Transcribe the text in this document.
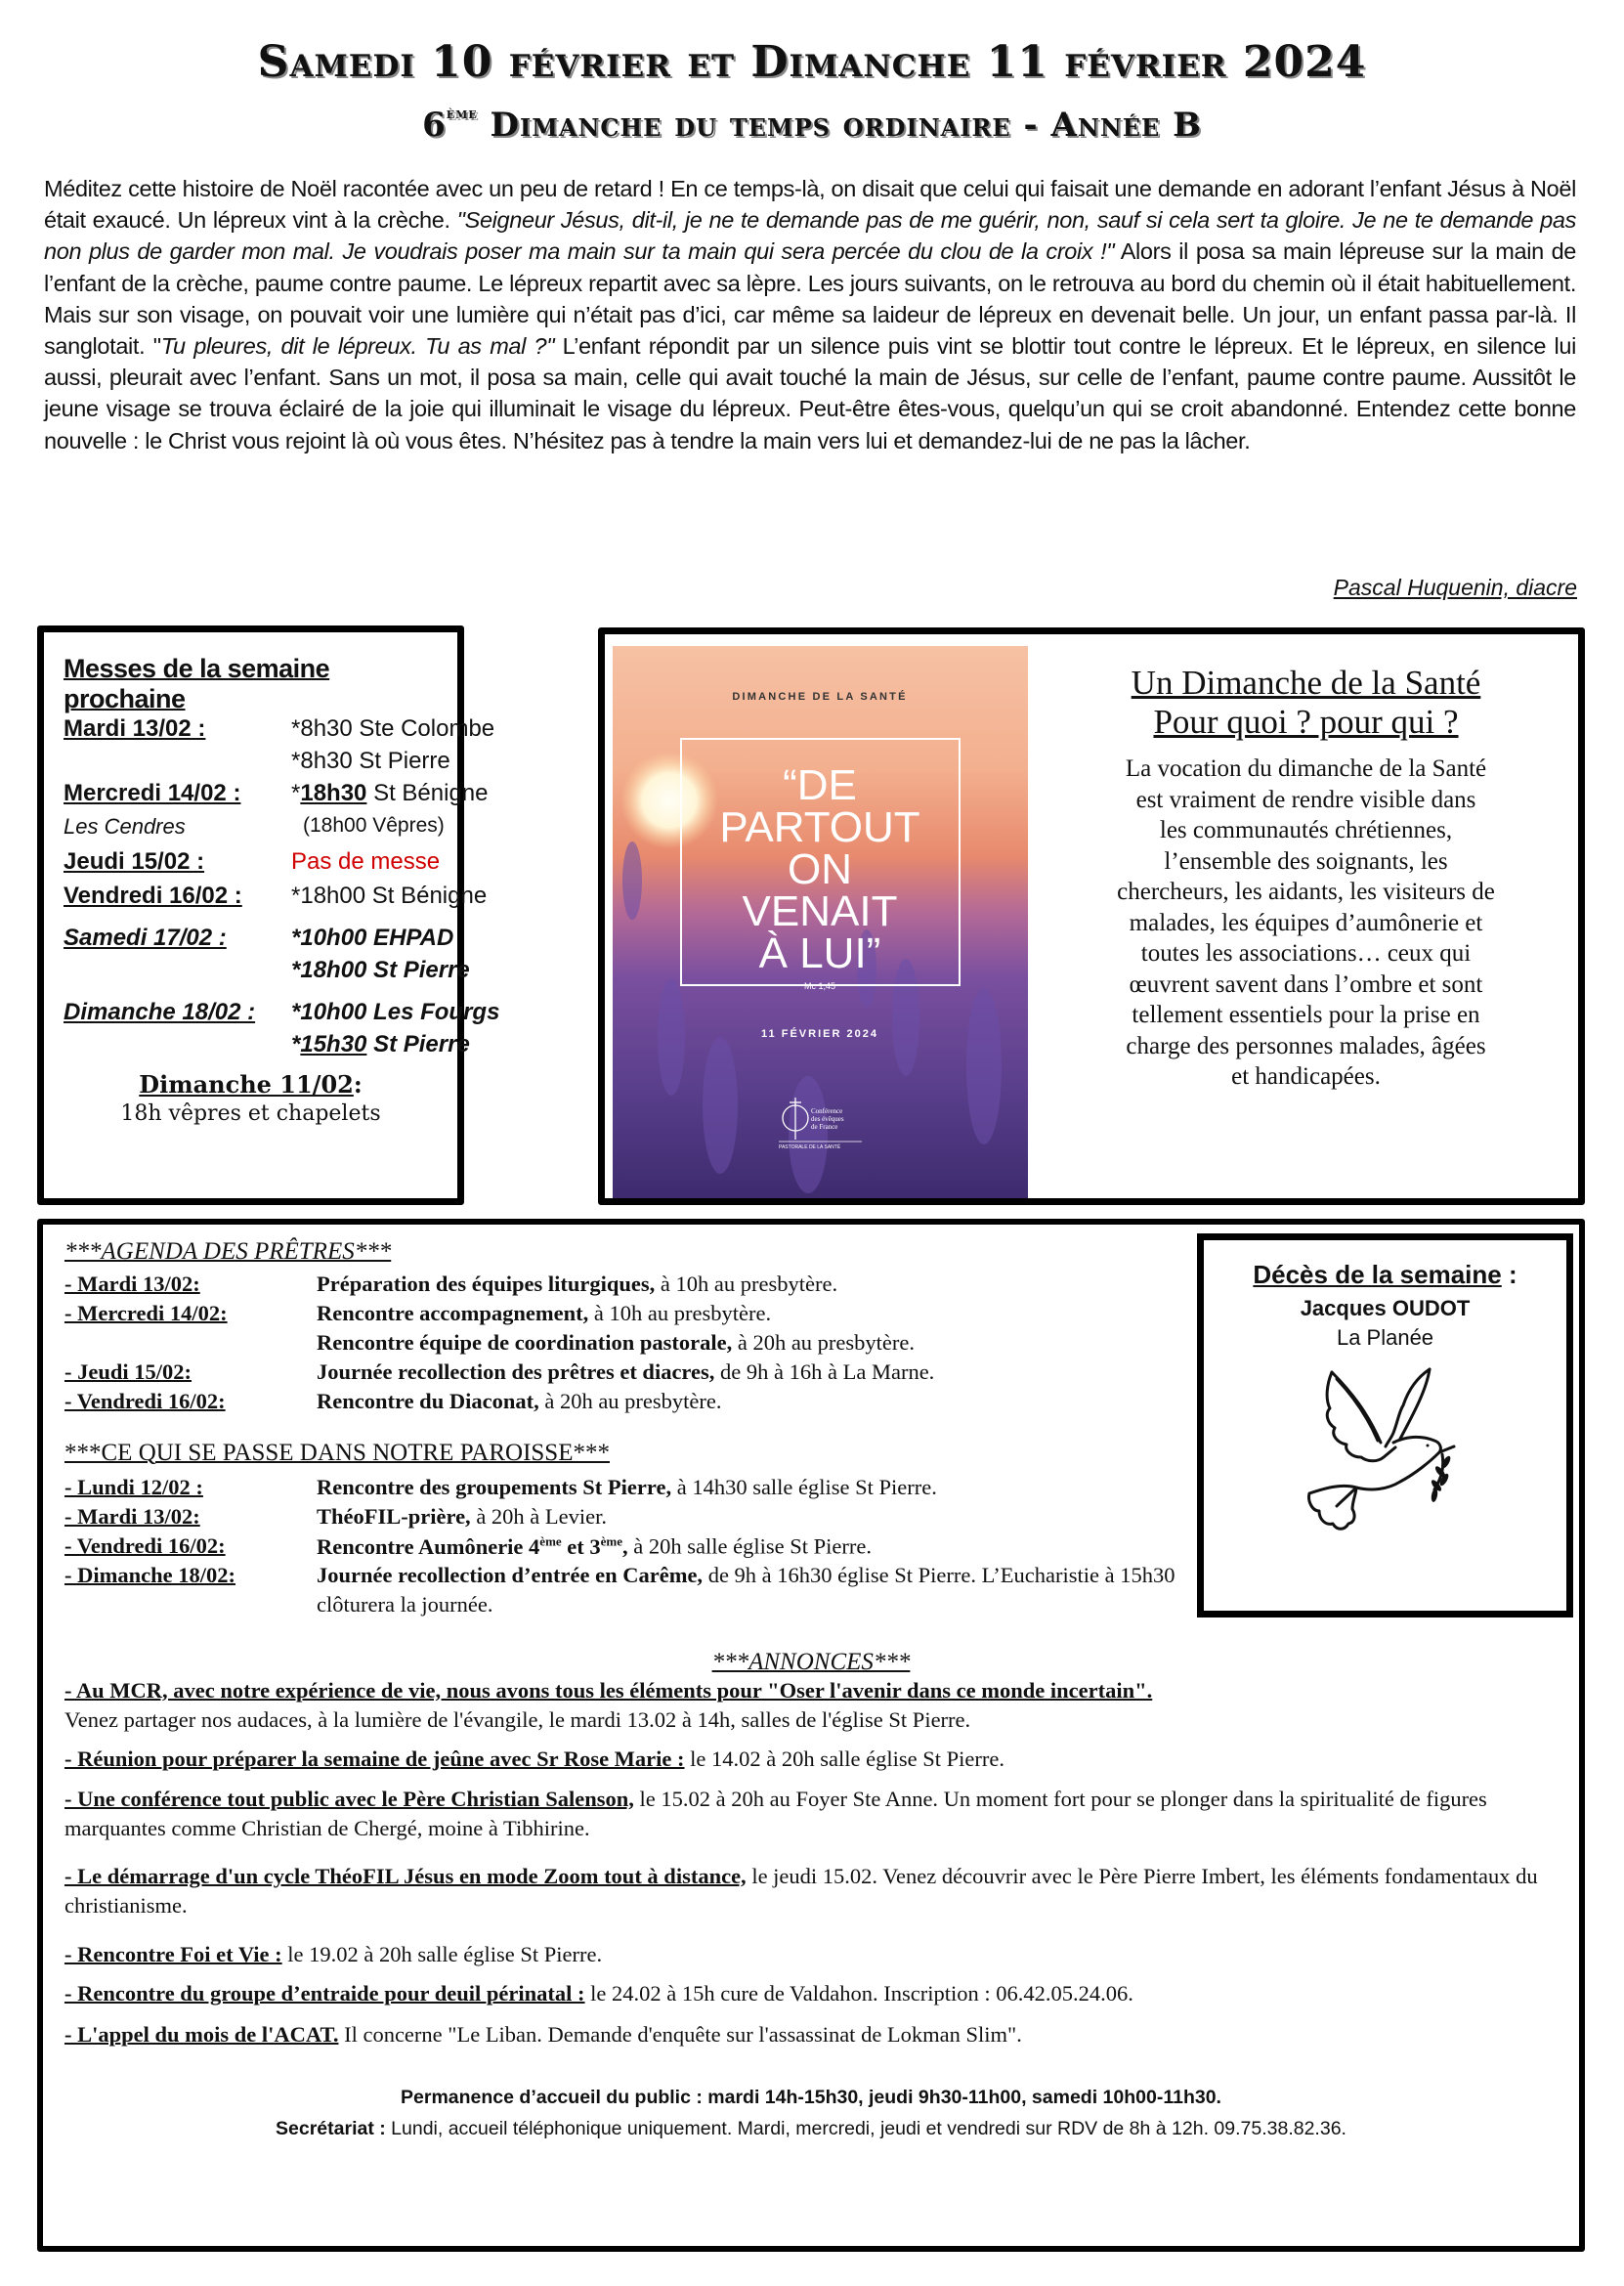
Samedi 10 février et Dimanche 11 février 2024
6ème Dimanche du temps ordinaire - Année B
Méditez cette histoire de Noël racontée avec un peu de retard ! En ce temps-là, on disait que celui qui faisait une demande en adorant l’enfant Jésus à Noël était exaucé. Un lépreux vint à la crèche. "Seigneur Jésus, dit-il, je ne te demande pas de me guérir, non, sauf si cela sert ta gloire. Je ne te demande pas non plus de garder mon mal. Je voudrais poser ma main sur ta main qui sera percée du clou de la croix !" Alors il posa sa main lépreuse sur la main de l’enfant de la crèche, paume contre paume. Le lépreux repartit avec sa lèpre. Les jours suivants, on le retrouva au bord du chemin où il était habituellement. Mais sur son visage, on pouvait voir une lumière qui n’était pas d’ici, car même sa laideur de lépreux en devenait belle. Un jour, un enfant passa par-là. Il sanglotait. "Tu pleures, dit le lépreux. Tu as mal ?" L’enfant répondit par un silence puis vint se blottir tout contre le lépreux. Et le lépreux, en silence lui aussi, pleurait avec l’enfant. Sans un mot, il posa sa main, celle qui avait touché la main de Jésus, sur celle de l’enfant, paume contre paume. Aussitôt le jeune visage se trouva éclairé de la joie qui illuminait le visage du lépreux. Peut-être êtes-vous, quelqu’un qui se croit abandonné. Entendez cette bonne nouvelle : le Christ vous rejoint là où vous êtes. N’hésitez pas à tendre la main vers lui et demandez-lui de ne pas la lâcher.
Pascal Huquenin, diacre
Messes de la semaine prochaine
Mardi 13/02 :	*8h30 Ste Colombe
*8h30 St Pierre
Mercredi 14/02 : *18h30 St Bénigne
Les Cendres	(18h00 Vêpres)
Jeudi 15/02 :	Pas de messe
Vendredi 16/02 : *18h00 St Bénigne
Samedi 17/02 :	*10h00 EHPAD
*18h00 St Pierre
Dimanche 18/02 : *10h00 Les Fourgs
*15h30 St Pierre
Dimanche 11/02:
18h vêpres et chapelets
DIMANCHE DE LA SANTÉ
“DE
PARTOUT
ON
VENAIT
À LUI”
Mc 1,45
11 FÉVRIER 2024
Conférence
des évêques
de France
PASTORALE DE LA SANTÉ
Un Dimanche de la Santé
Pour quoi ? pour qui ?
La vocation du dimanche de la Santé
est vraiment de rendre visible dans
les communautés chrétiennes,
l’ensemble des soignants, les
chercheurs, les aidants, les visiteurs de
malades, les équipes d’aumônerie et
toutes les associations… ceux qui
œuvrent savent dans l’ombre et sont
tellement essentiels pour la prise en
charge des personnes malades, âgées
et handicapées.
***AGENDA DES PRÊTRES***
- Mardi 13/02:	Préparation des équipes liturgiques, à 10h au presbytère.
- Mercredi 14/02:	Rencontre accompagnement, à 10h au presbytère.
Rencontre équipe de coordination pastorale, à 20h au presbytère.
- Jeudi 15/02:	Journée recollection des prêtres et diacres, de 9h à 16h à La Marne.
- Vendredi 16/02:	Rencontre du Diaconat, à 20h au presbytère.
***CE QUI SE PASSE DANS NOTRE PAROISSE***
- Lundi 12/02 :	Rencontre des groupements St Pierre, à 14h30 salle église St Pierre.
- Mardi 13/02:	ThéoFIL-prière, à 20h à Levier.
- Vendredi 16/02:	Rencontre Aumônerie 4ème et 3ème, à 20h salle église St Pierre.
- Dimanche 18/02:	Journée recollection d’entrée en Carême, de 9h à 16h30 église St Pierre. L’Eucharistie à 15h30
clôturera la journée.
Décès de la semaine :
Jacques OUDOT
La Planée
***ANNONCES***
- Au MCR, avec notre expérience de vie, nous avons tous les éléments pour "Oser l'avenir dans ce monde incertain".
Venez partager nos audaces, à la lumière de l'évangile, le mardi 13.02 à 14h, salles de l'église St Pierre.
- Réunion pour préparer la semaine de jeûne avec Sr Rose Marie : le 14.02 à 20h salle église St Pierre.
- Une conférence tout public avec le Père Christian Salenson, le 15.02 à 20h au Foyer Ste Anne. Un moment fort pour se plonger dans la spiritualité de figures marquantes comme Christian de Chergé, moine à Tibhirine.
- Le démarrage d'un cycle ThéoFIL Jésus en mode Zoom tout à distance, le jeudi 15.02. Venez découvrir avec le Père Pierre Imbert, les éléments fondamentaux du christianisme.
- Rencontre Foi et Vie : le 19.02 à 20h salle église St Pierre.
- Rencontre du groupe d’entraide pour deuil périnatal : le 24.02 à 15h cure de Valdahon. Inscription : 06.42.05.24.06.
- L'appel du mois de l'ACAT. Il concerne "Le Liban. Demande d'enquête sur l'assassinat de Lokman Slim".
Permanence d’accueil du public : mardi 14h-15h30, jeudi 9h30-11h00, samedi 10h00-11h30.
Secrétariat : Lundi, accueil téléphonique uniquement. Mardi, mercredi, jeudi et vendredi sur RDV de 8h à 12h. 09.75.38.82.36.
